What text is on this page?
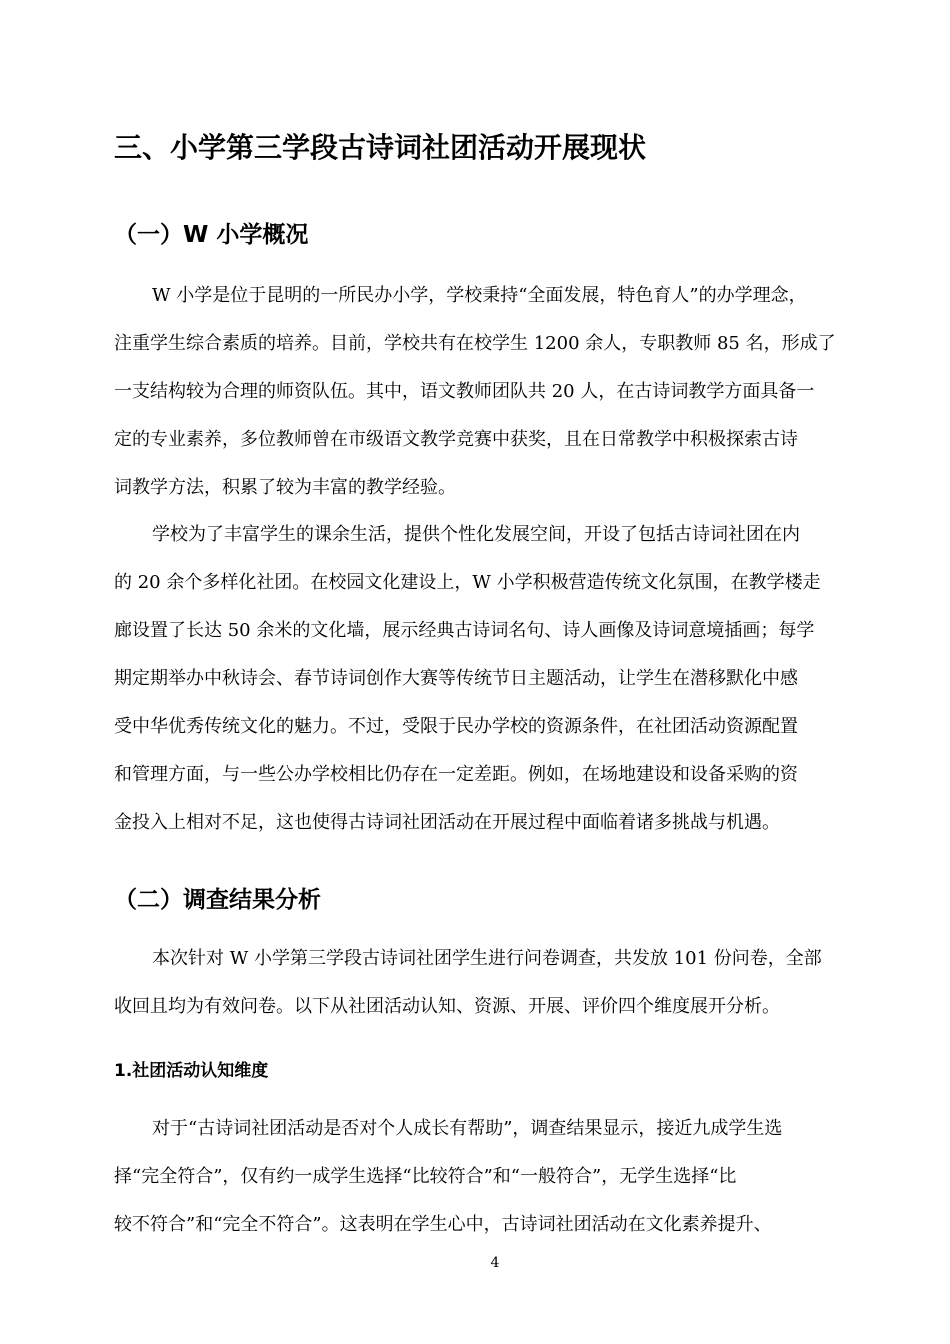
三、小学第三学段古诗词社团活动开展现状
（一）W 小学概况
W 小学是位于昆明的一所民办小学，学校秉持“全面发展，特色育人”的办学理念，
注重学生综合素质的培养。目前，学校共有在校学生 1200 余人，专职教师 85 名，形成了
一支结构较为合理的师资队伍。其中，语文教师团队共 20 人，在古诗词教学方面具备一
定的专业素养，多位教师曾在市级语文教学竞赛中获奖，且在日常教学中积极探索古诗
词教学方法，积累了较为丰富的教学经验。
学校为了丰富学生的课余生活，提供个性化发展空间，开设了包括古诗词社团在内
的 20 余个多样化社团。在校园文化建设上，W 小学积极营造传统文化氛围，在教学楼走
廊设置了长达 50 余米的文化墙，展示经典古诗词名句、诗人画像及诗词意境插画；每学
期定期举办中秋诗会、春节诗词创作大赛等传统节日主题活动，让学生在潜移默化中感
受中华优秀传统文化的魅力。不过，受限于民办学校的资源条件，在社团活动资源配置
和管理方面，与一些公办学校相比仍存在一定差距。例如，在场地建设和设备采购的资
金投入上相对不足，这也使得古诗词社团活动在开展过程中面临着诸多挑战与机遇。
（二）调查结果分析
本次针对 W 小学第三学段古诗词社团学生进行问卷调查，共发放 101 份问卷，全部
收回且均为有效问卷。以下从社团活动认知、资源、开展、评价四个维度展开分析。
1.社团活动认知维度
对于“古诗词社团活动是否对个人成长有帮助”，调查结果显示，接近九成学生选
择“完全符合”，仅有约一成学生选择“比较符合”和“一般符合”，无学生选择“比
较不符合”和“完全不符合”。这表明在学生心中，古诗词社团活动在文化素养提升、
4
